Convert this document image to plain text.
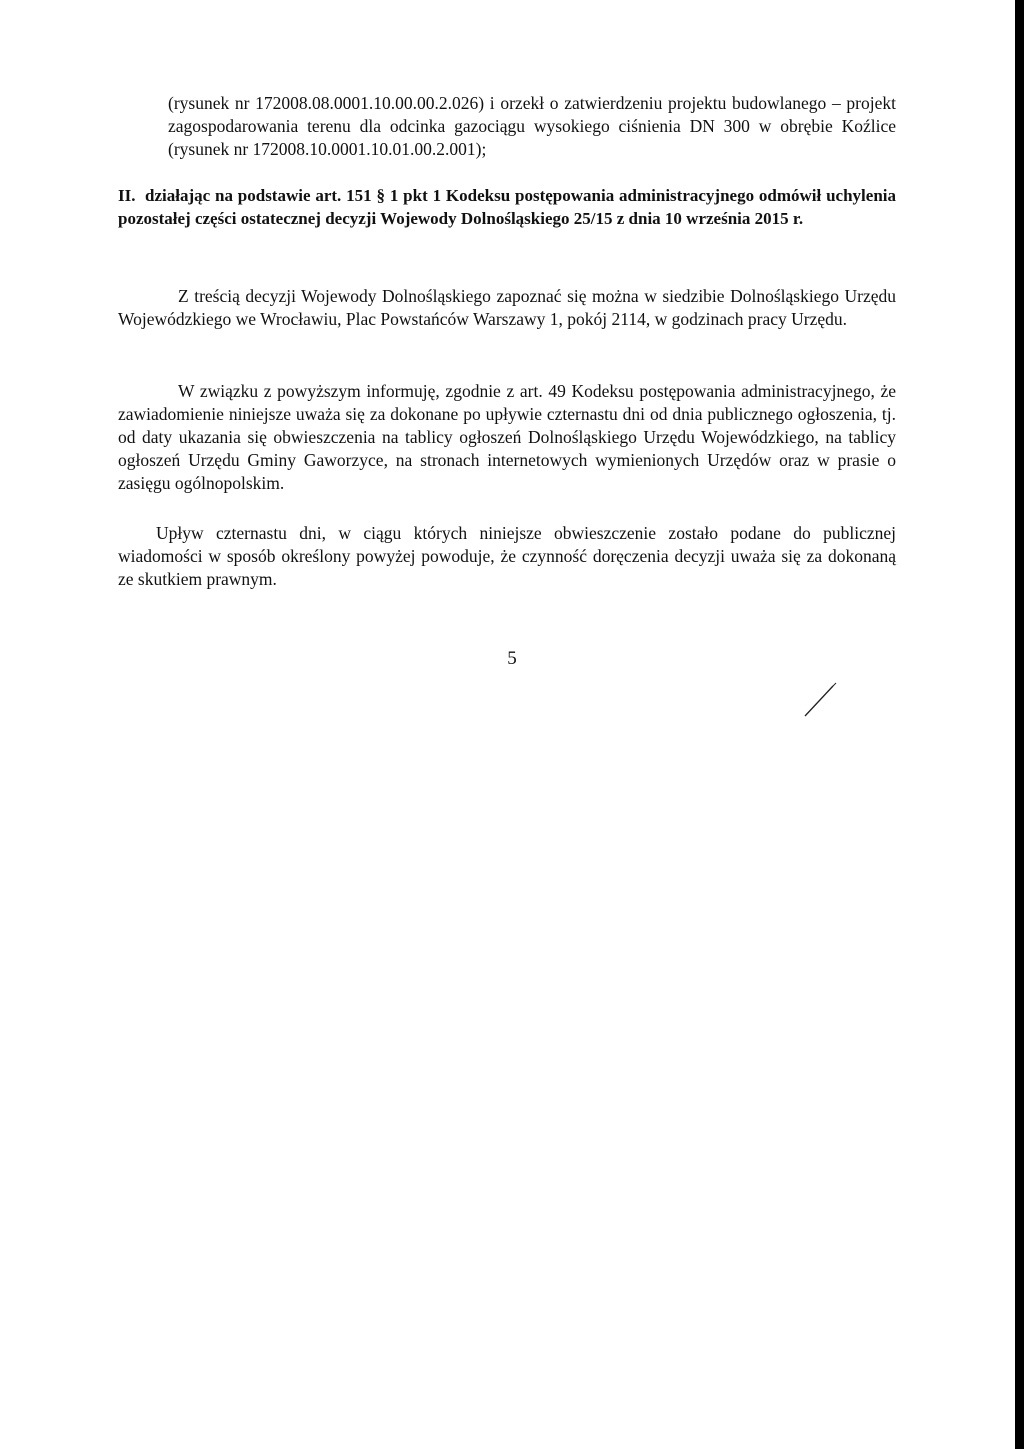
(rysunek nr 172008.08.0001.10.00.00.2.026) i orzekł o zatwierdzeniu projektu budowlanego – projekt zagospodarowania terenu dla odcinka gazociągu wysokiego ciśnienia DN 300 w obrębie Koźlice (rysunek nr 172008.10.0001.10.01.00.2.001);
II. działając na podstawie art. 151 § 1 pkt 1 Kodeksu postępowania administracyjnego odmówił uchylenia pozostałej części ostatecznej decyzji Wojewody Dolnośląskiego 25/15 z dnia 10 września 2015 r.
Z treścią decyzji Wojewody Dolnośląskiego zapoznać się można w siedzibie Dolnośląskiego Urzędu Wojewódzkiego we Wrocławiu, Plac Powstańców Warszawy 1, pokój 2114, w godzinach pracy Urzędu.
W związku z powyższym informuję, zgodnie z art. 49 Kodeksu postępowania administracyjnego, że zawiadomienie niniejsze uważa się za dokonane po upływie czternastu dni od dnia publicznego ogłoszenia, tj. od daty ukazania się obwieszczenia na tablicy ogłoszeń Dolnośląskiego Urzędu Wojewódzkiego, na tablicy ogłoszeń Urzędu Gminy Gaworzyce, na stronach internetowych wymienionych Urzędów oraz w prasie o zasięgu ogólnopolskim.
Upływ czternastu dni, w ciągu których niniejsze obwieszczenie zostało podane do publicznej wiadomości w sposób określony powyżej powoduje, że czynność doręczenia decyzji uważa się za dokonaną ze skutkiem prawnym.
5
